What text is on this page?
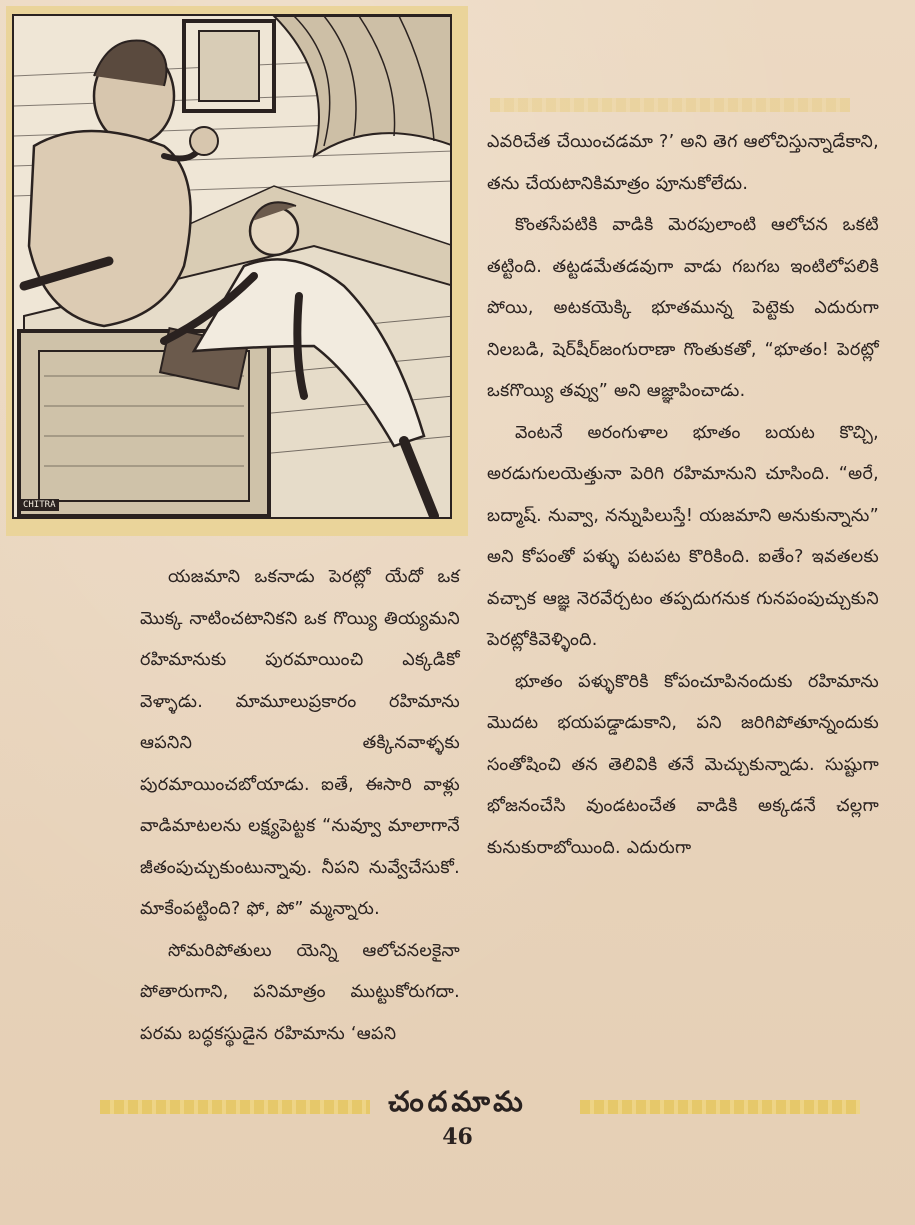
CHITRA

యజమాని ఒకనాడు పెరట్లో యేదో ఒక మొక్క నాటించటానికని ఒక గొయ్యి తియ్యమని రహిమానుకు పురమాయించి ఎక్కడికో వెళ్ళాడు. మామూలుప్రకారం రహిమాను ఆపనిని తక్కినవాళ్ళకు పురమాయించబోయాడు. ఐతే, ఈసారి వాళ్లు వాడిమాటలను లక్ష్యపెట్టక “నువ్వూ మాలాగానే జీతంపుచ్చుకుంటున్నావు. నీపని నువ్వేచేసుకో. మాకేంపట్టింది? ఫో, పో” మ్మన్నారు.

సోమరిపోతులు యెన్ని ఆలోచనలకైనా పోతారుగాని, పనిమాత్రం ముట్టుకోరుగదా. పరమ బద్ధకస్థుడైన రహిమాను ‘ఆపని

ఎవరిచేత చేయించడమా ?’ అని తెగ ఆలోచిస్తున్నాడేకాని, తను చేయటానికిమాత్రం పూనుకోలేదు.

కొంతసేపటికి వాడికి మెరపులాంటి ఆలోచన ఒకటి తట్టింది. తట్టడమేతడవుగా వాడు గబగబ ఇంటిలోపలికి పోయి, అటకయెక్కి భూతమున్న పెట్టెకు ఎదురుగా నిలబడి, షెర్‌షీర్‌జంగురాణా గొంతుకతో, “భూతం! పెరట్లో ఒకగొయ్యి తవ్వు” అని ఆజ్ఞాపించాడు.

వెంటనే అరంగుళాల భూతం బయట కొచ్చి, అరడుగులయెత్తునా పెరిగి రహిమానుని చూసింది. “అరే, బద్మాష్. నువ్వా, నన్నుపిలుస్తే! యజమాని అనుకున్నాను” అని కోపంతో పళ్ళు పటపట కొరికింది. ఐతేం? ఇవతలకు వచ్చాక ఆజ్ఞ నెరవేర్చటం తప్పదుగనుక గునపంపుచ్చుకుని పెరట్లోకివెళ్ళింది.

భూతం పళ్ళుకొరికి కోపంచూపినందుకు రహిమాను మొదట భయపడ్డాడుకాని, పని జరిగిపోతూన్నందుకు సంతోషించి తన తెలివికి తనే మెచ్చుకున్నాడు. సుష్టుగా భోజనంచేసి వుండటంచేత వాడికి అక్కడనే చల్లగా కునుకురాబోయింది. ఎదురుగా

చందమామ
46
